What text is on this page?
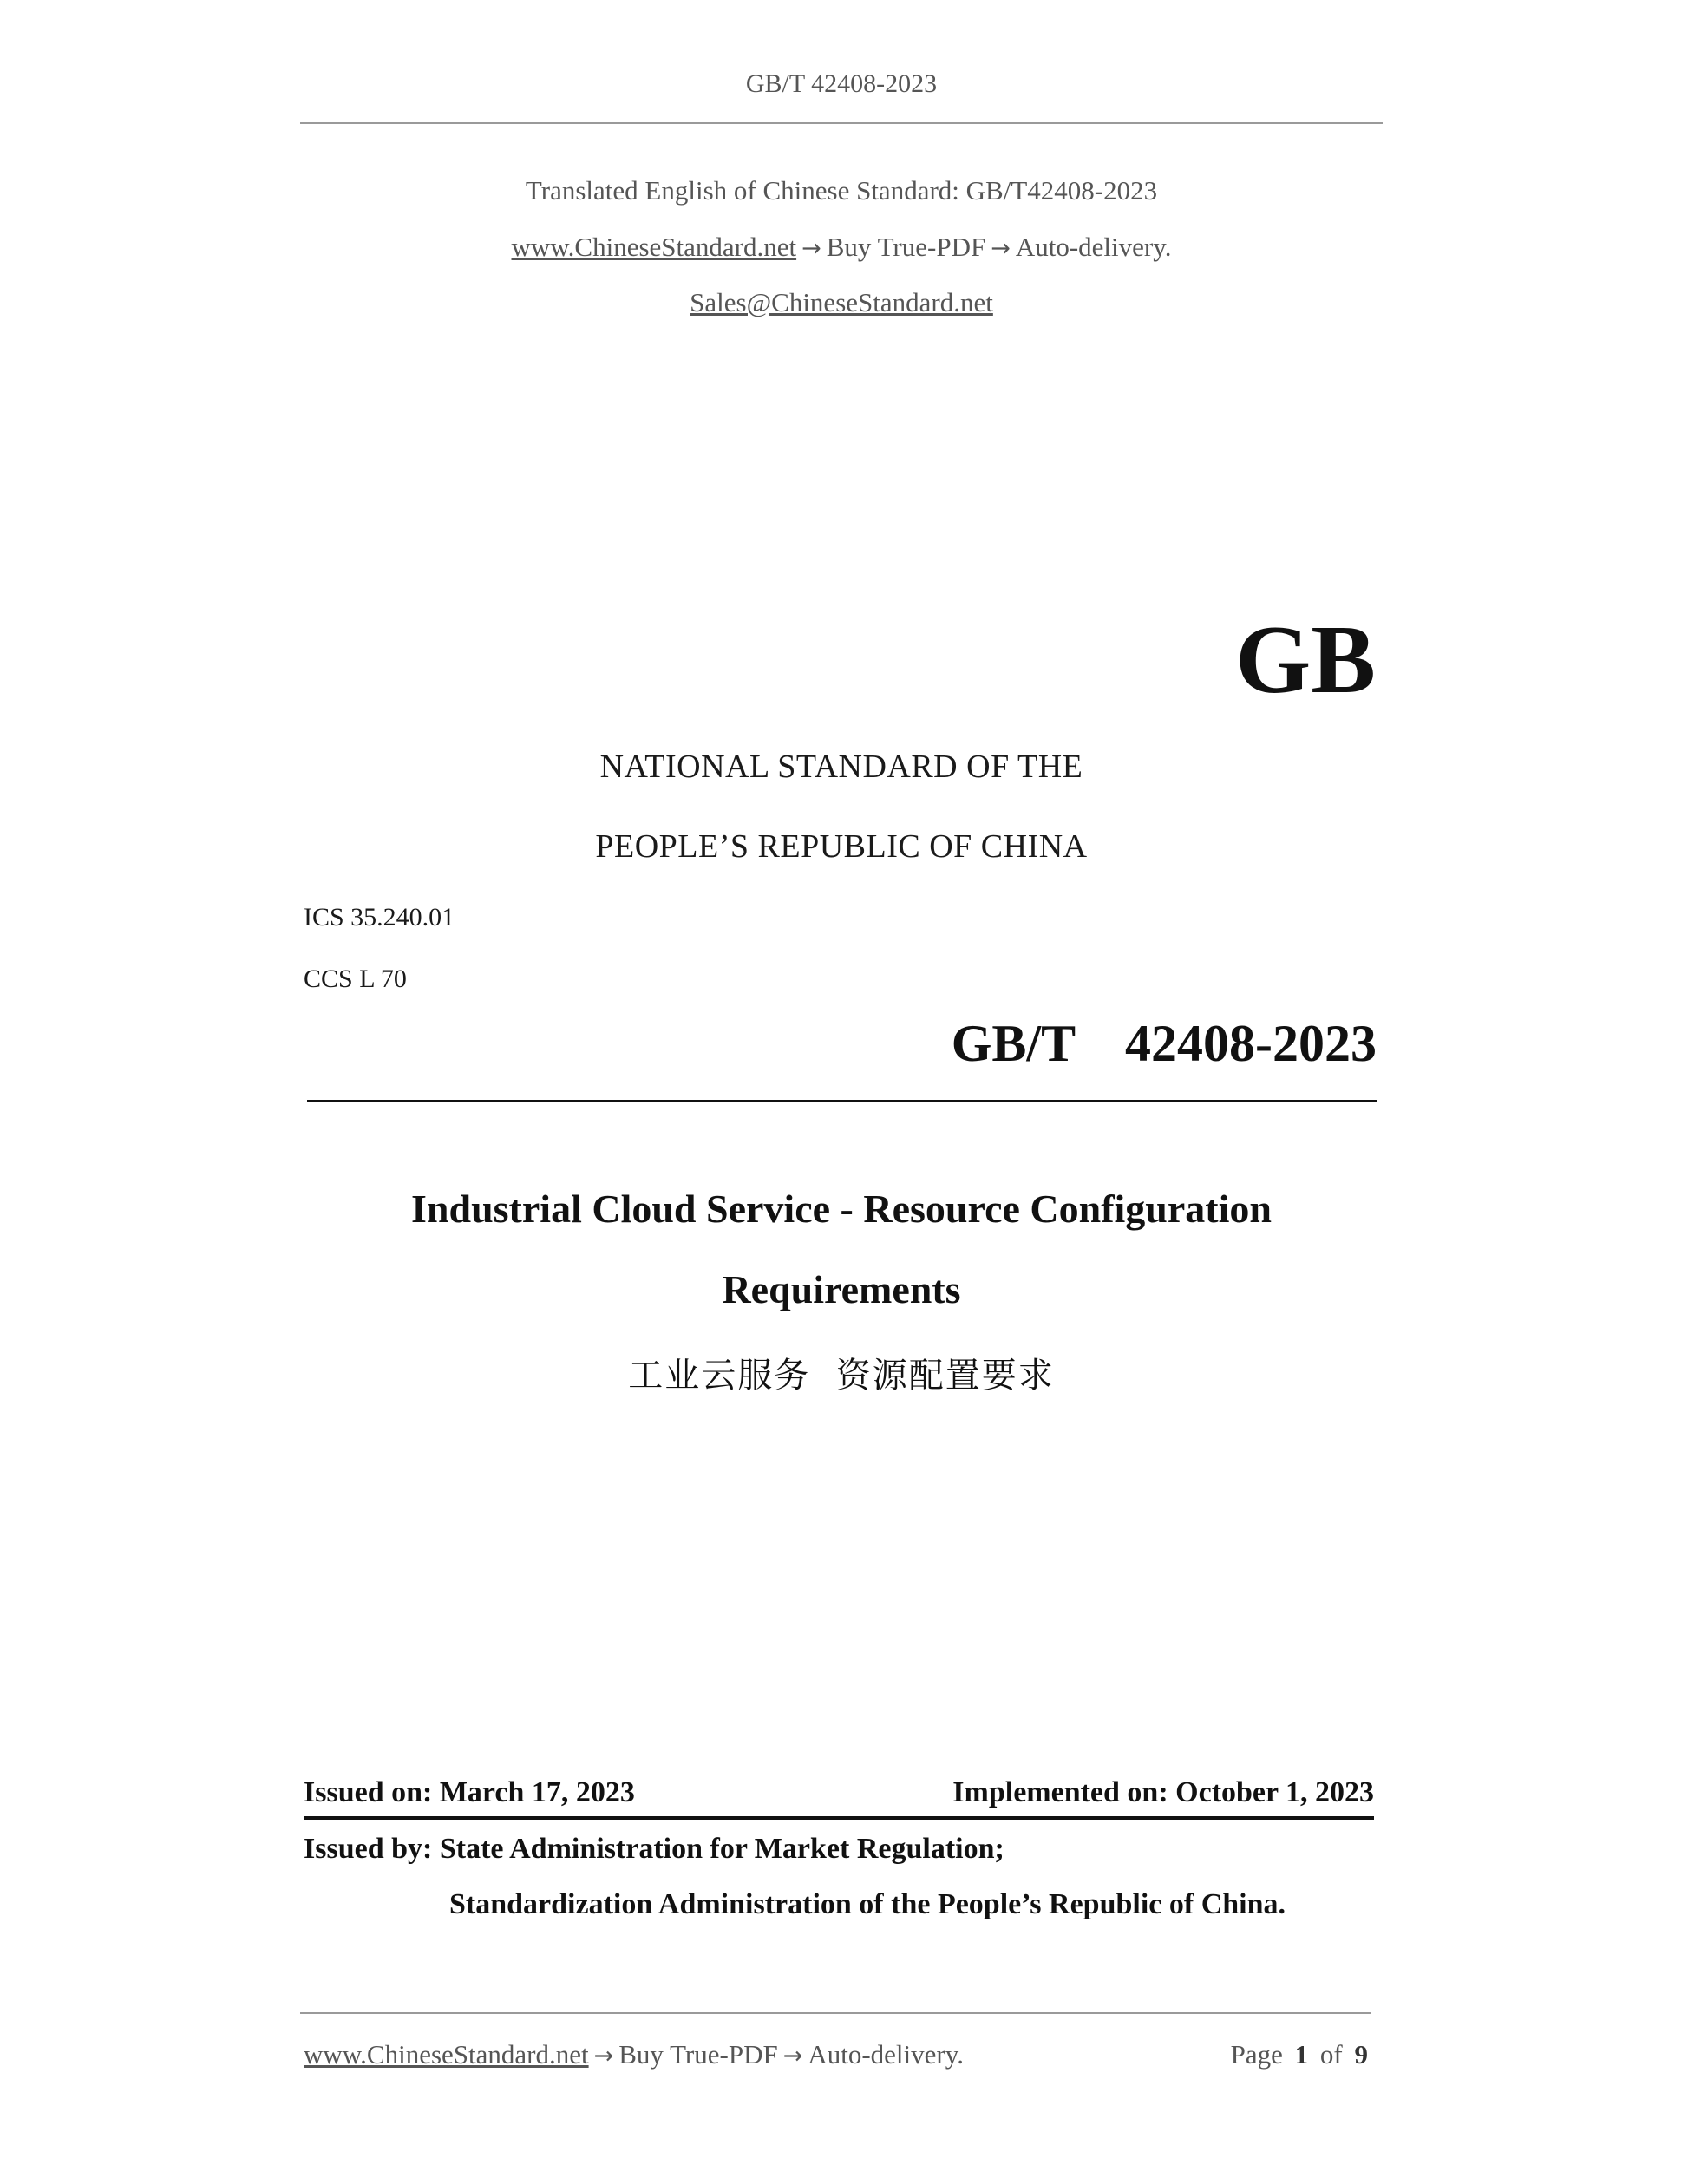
GB/T 42408-2023
Translated English of Chinese Standard: GB/T42408-2023
www.ChineseStandard.net → Buy True-PDF → Auto-delivery.
Sales@ChineseStandard.net
GB
NATIONAL STANDARD OF THE
PEOPLE’S REPUBLIC OF CHINA
ICS 35.240.01
CCS L 70
GB/T  42408-2023
Industrial Cloud Service - Resource Configuration
Requirements
工业云服务  资源配置要求
Issued on: March 17, 2023	Implemented on: October 1, 2023
Issued by: State Administration for Market Regulation;
Standardization Administration of the People’s Republic of China.
www.ChineseStandard.net → Buy True-PDF → Auto-delivery.	Page 1 of 9
